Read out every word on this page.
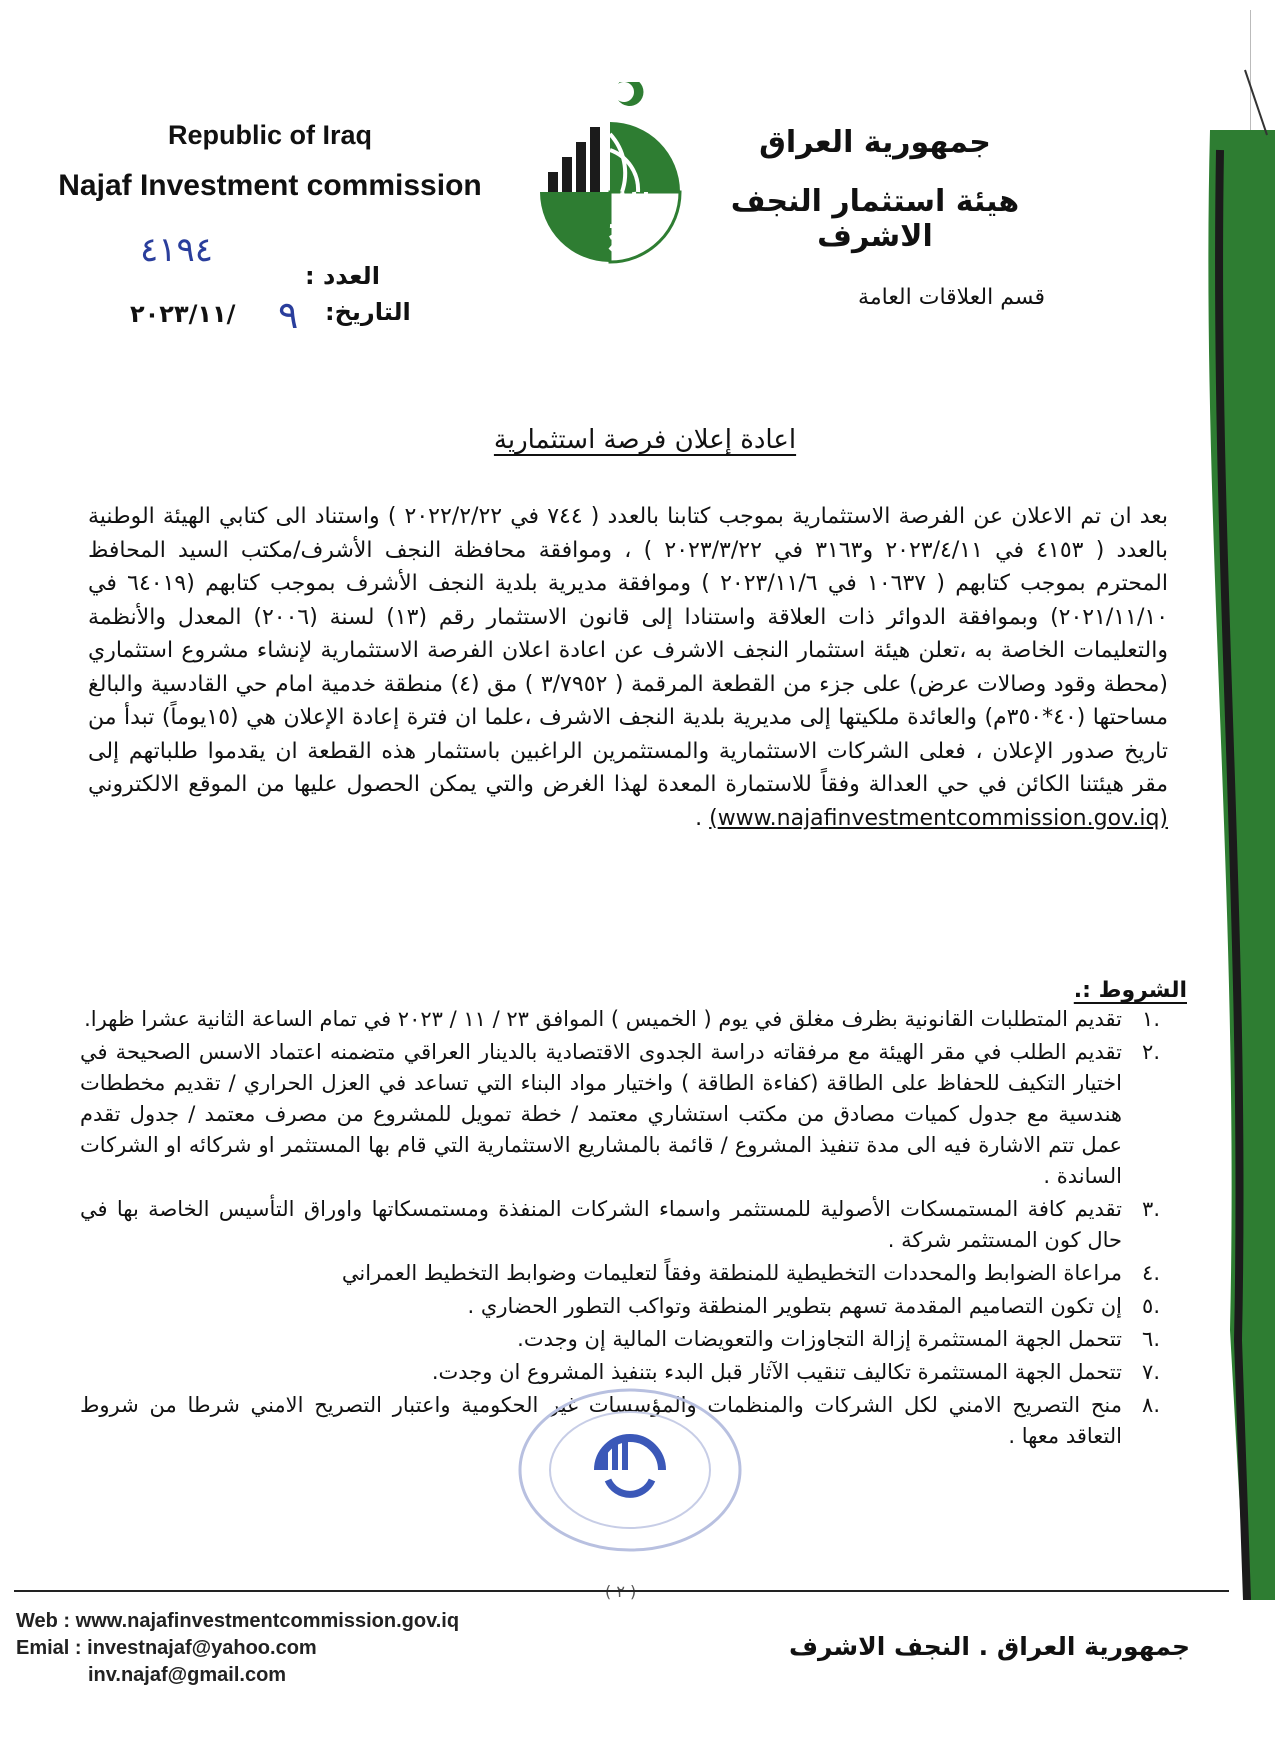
Republic of Iraq
Najaf Investment commission
جمهورية العراق
هيئة استثمار النجف الاشرف
قسم العلاقات العامة
٤١٩٤
العدد :
التاريخ:
٩
٢٠٢٣/١١/
اعادة إعلان فرصة استثمارية
بعد ان تم الاعلان عن الفرصة الاستثمارية بموجب كتابنا بالعدد ( ٧٤٤ في ٢٠٢٢/٢/٢٢ ) واستناد الى كتابي الهيئة الوطنية بالعدد ( ٤١٥٣ في ٢٠٢٣/٤/١١ و٣١٦٣ في ٢٠٢٣/٣/٢٢ ) ، وموافقة محافظة النجف الأشرف/مكتب السيد المحافظ المحترم بموجب كتابهم ( ١٠٦٣٧ في ٢٠٢٣/١١/٦ ) وموافقة مديرية بلدية النجف الأشرف بموجب كتابهم (٦٤٠١٩ في ٢٠٢١/١١/١٠) وبموافقة الدوائر ذات العلاقة واستنادا إلى قانون الاستثمار رقم (١٣) لسنة (٢٠٠٦) المعدل والأنظمة والتعليمات الخاصة به ،تعلن هيئة استثمار النجف الاشرف عن اعادة اعلان الفرصة الاستثمارية لإنشاء مشروع استثماري (محطة وقود وصالات عرض) على جزء من القطعة المرقمة ( ٣/٧٩٥٢ ) مق (٤) منطقة خدمية امام حي القادسية والبالغ مساحتها (٤٠*٣٥٠م) والعائدة ملكيتها إلى مديرية بلدية النجف الاشرف ،علما ان فترة إعادة الإعلان هي (١٥يوماً) تبدأ من تاريخ صدور الإعلان ، فعلى الشركات الاستثمارية والمستثمرين الراغبين باستثمار هذه القطعة ان يقدموا طلباتهم إلى مقر هيئتنا الكائن في حي العدالة وفقاً للاستمارة المعدة لهذا الغرض والتي يمكن الحصول عليها من الموقع الالكتروني (www.najafinvestmentcommission.gov.iq) .
الشروط :.
.١
تقديم المتطلبات القانونية بظرف مغلق في يوم ( الخميس ) الموافق ٢٣ / ١١ / ٢٠٢٣ في تمام الساعة الثانية عشرا ظهرا.
.٢
تقديم الطلب في مقر الهيئة مع مرفقاته دراسة الجدوى الاقتصادية بالدينار العراقي متضمنه اعتماد الاسس الصحيحة في اختيار التكيف للحفاظ على الطاقة (كفاءة الطاقة ) واختيار مواد البناء التي تساعد في العزل الحراري / تقديم مخططات هندسية مع جدول كميات مصادق من مكتب استشاري معتمد / خطة تمويل للمشروع من مصرف معتمد / جدول تقدم عمل تتم الاشارة فيه الى مدة تنفيذ المشروع / قائمة بالمشاريع الاستثمارية التي قام بها المستثمر او شركائه او الشركات الساندة .
.٣
تقديم كافة المستمسكات الأصولية للمستثمر واسماء الشركات المنفذة ومستمسكاتها واوراق التأسيس الخاصة بها في حال كون المستثمر شركة .
.٤
مراعاة الضوابط والمحددات التخطيطية للمنطقة وفقاً لتعليمات وضوابط التخطيط العمراني
.٥
إن تكون التصاميم المقدمة تسهم بتطوير المنطقة وتواكب التطور الحضاري .
.٦
تتحمل الجهة المستثمرة إزالة التجاوزات والتعويضات المالية إن وجدت.
.٧
تتحمل الجهة المستثمرة تكاليف تنقيب الآثار قبل البدء بتنفيذ المشروع ان وجدت.
.٨
منح التصريح الامني لكل الشركات والمنظمات والمؤسسات غير الحكومية واعتبار التصريح الامني شرطا من شروط التعاقد معها .
Web : www.najafinvestmentcommission.gov.iq
Emial : investnajaf@yahoo.com
inv.najaf@gmail.com
جمهورية العراق . النجف الاشرف
